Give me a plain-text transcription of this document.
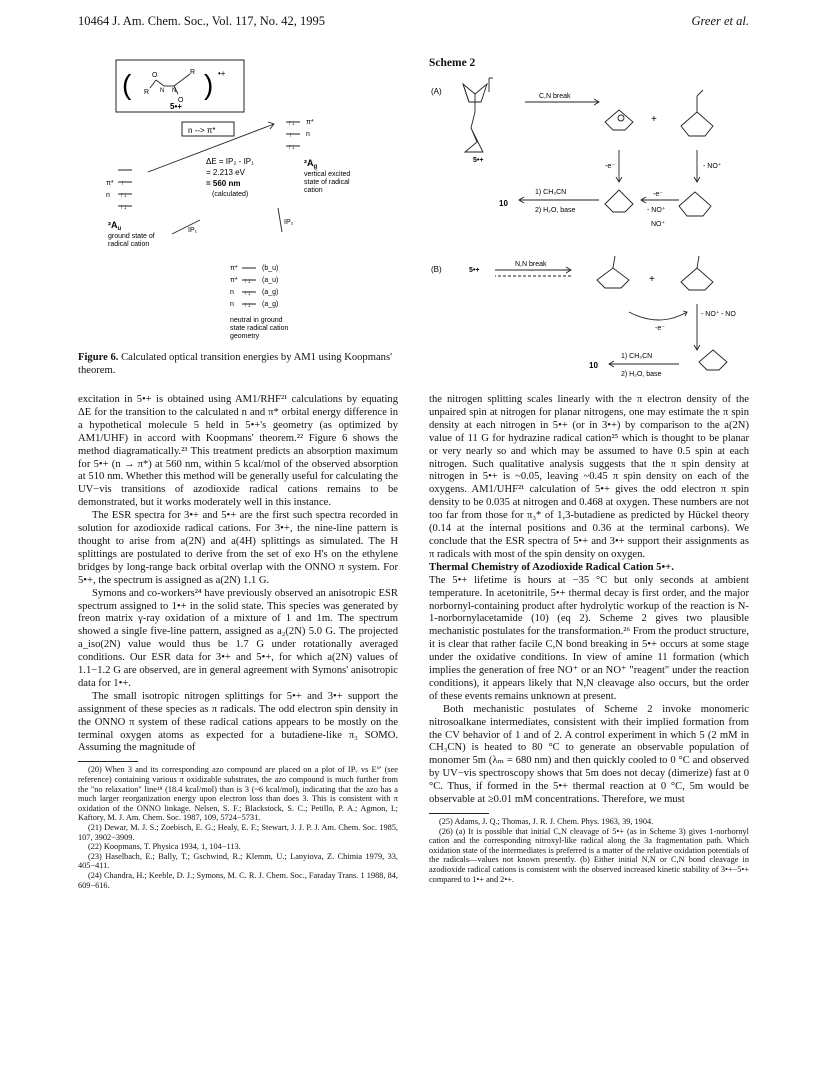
10464 J. Am. Chem. Soc., Vol. 117, No. 42, 1995	Greer et al.
(	)
O
N N
R
R
O
•+
5•+
n --> π*
↑↓
↑
↑↓
π*
n
ΔE = IP₂ - IP₁
= 2.213 eV
= 560 nm
(calculated)
$^2A_g$
vertical excited
state of radical
cation
π*
n
↑
↑↓
↑↓
$^2A_u$
ground state of
radical cation
IP₁
IP₂
π*
π*
n
n
↑↓
↑↓
↑↓
(b_u)
(a_u)
(a_g)
(a_g)
neutral in ground
state radical cation
geometry
Figure 6. Calculated optical transition energies by AM1 using Koopmans' theorem.
Scheme 2
(A)
C,N break
5•+
+
-e⁻	- NO⁺
10
1) CH₃CN
2) H₂O, base
-e⁻
- NO⁺
NO⁺
(B)	5•+
N,N break
+
-e⁻
- NO⁺ - NO
10
1) CH₃CN
2) H₂O, base

excitation in 5•+ is obtained using AM1/RHF²¹ calculations by equating ΔE for the transition to the calculated n and π* orbital energy difference in a hypothetical molecule 5 held in 5•+'s geometry (as optimized by AM1/UHF) in accord with Koopmans' theorem.²² Figure 6 shows the method diagramatically.²³ This treatment predicts an absorption maximum for 5•+ (n → π*) at 560 nm, within 5 kcal/mol of the observed absorption at 510 nm. Whether this method will be generally useful for calculating the UV−vis transitions of azodioxide radical cations remains to be demonstrated, but it works moderately well in this instance.

The ESR spectra for 3•+ and 5•+ are the first such spectra recorded in solution for azodioxide radical cations. For 3•+, the nine-line pattern is thought to arise from a(2N) and a(4H) splittings as simulated. The H splittings are postulated to derive from the set of exo H's on the ethylene bridges by long-range back orbital overlap with the ONNO π system. For 5•+, the spectrum is assigned as a(2N) 1.1 G.

Symons and co-workers²⁴ have previously observed an anisotropic ESR spectrum assigned to 1•+ in the solid state. This species was generated by freon matrix γ-ray oxidation of a mixture of 1 and 1m. The spectrum showed a single five-line pattern, assigned as a₂(2N) 5.0 G. The projected a_iso(2N) value would thus be 1.7 G under rotationally averaged conditions. Our ESR data for 3•+ and 5•+, for which a(2N) values of 1.1−1.2 G are observed, are in general agreement with Symons' anisotropic data for 1•+.

The small isotropic nitrogen splittings for 5•+ and 3•+ support the assignment of these species as π radicals. The odd electron spin density in the ONNO π system of these radical cations appears to be mostly on the terminal oxygen atoms as expected for a butadiene-like π₃ SOMO. Assuming the magnitude of

(20) When 3 and its corresponding azo compound are placed on a plot of IPᵥ vs E°' (see reference) containing various π oxidizable substrates, the azo compound is much further from the "no relaxation" line¹⁸ (18.4 kcal/mol) than is 3 (~6 kcal/mol), indicating that the azo has a much larger reorganization energy upon electron loss than does 3. This is consistent with π oxidation of the ONNO linkage. Nelsen, S. F.; Blackstock, S. C.; Petillo, P. A.; Agmon, I.; Kaftory, M. J. Am. Chem. Soc. 1987, 109, 5724−5731.

(21) Dewar, M. J. S.; Zoebisch, E. G.; Healy, E. F.; Stewart, J. J. P. J. Am. Chem. Soc. 1985, 107, 3902−3909.

(22) Koopmans, T. Physica 1934, 1, 104−113.

(23) Haselbach, E.; Bally, T.; Gschwind, R.; Klemm, U.; Lanyiova, Z. Chimia 1979, 33, 405−411.

(24) Chandra, H.; Keeble, D. J.; Symons, M. C. R. J. Chem. Soc., Faraday Trans. 1 1988, 84, 609−616.

the nitrogen splitting scales linearly with the π electron density of the unpaired spin at nitrogen for planar nitrogens, one may estimate the π spin density at each nitrogen in 5•+ (or in 3•+) by comparison to the a(2N) value of 11 G for hydrazine radical cation²⁵ which is thought to be planar or very nearly so and which may be assumed to have 0.5 spin at each nitrogen. Such qualitative analysis suggests that the π spin density at nitrogen in 5•+ is ~0.05, leaving ~0.45 π spin density on each of the oxygens. AM1/UHF²¹ calculation of 5•+ gives the odd electron π spin density to be 0.035 at nitrogen and 0.468 at oxygen. These numbers are not too far from those for π₃* of 1,3-butadiene as predicted by Hückel theory (0.14 at the internal positions and 0.36 at the terminal carbons). We conclude that the ESR spectra of 5•+ and 3•+ support their assignments as π radicals with most of the spin density on oxygen.

Thermal Chemistry of Azodioxide Radical Cation 5•+.

The 5•+ lifetime is hours at −35 °C but only seconds at ambient temperature. In acetonitrile, 5•+ thermal decay is first order, and the major norbornyl-containing product after hydrolytic workup of the reaction is N-1-norbornylacetamide (10) (eq 2). Scheme 2 gives two plausible mechanistic postulates for the transformation.²⁶ From the product structure, it is clear that rather facile C,N bond breaking in 5•+ occurs at some stage under the oxidative conditions. In view of amine 11 formation (which implies the generation of free NO⁺ or an NO⁺ "reagent" under the reaction conditions), it appears likely that N,N cleavage also occurs, but the order of these events remains unknown at present.

Both mechanistic postulates of Scheme 2 invoke monomeric nitrosoalkane intermediates, consistent with their implied formation from the CV behavior of 1 and of 2. A control experiment in which 5 (2 mM in CH₃CN) is heated to 80 °C to generate an observable population of monomer 5m (λₘ = 680 nm) and then quickly cooled to 0 °C and observed by UV−vis spectroscopy shows that 5m does not decay (dimerize) fast at 0 °C. Thus, if formed in the 5•+ thermal reaction at 0 °C, 5m would be observable at ≥0.01 mM concentrations. Therefore, we must

(25) Adams, J. Q.; Thomas, J. R. J. Chem. Phys. 1963, 39, 1904.

(26) (a) It is possible that initial C,N cleavage of 5•+ (as in Scheme 3) gives 1-norbornyl cation and the corresponding nitroxyl-like radical along the 3a fragmentation path. Which oxidation state of the intermediates is preferred is a matter of the relative oxidation potentials of the radicals—values not known presently. (b) Either initial N,N or C,N bond cleavage in azodioxide radical cations is consistent with the observed increased kinetic stability of 3•+−5•+ compared to 1•+ and 2•+.
